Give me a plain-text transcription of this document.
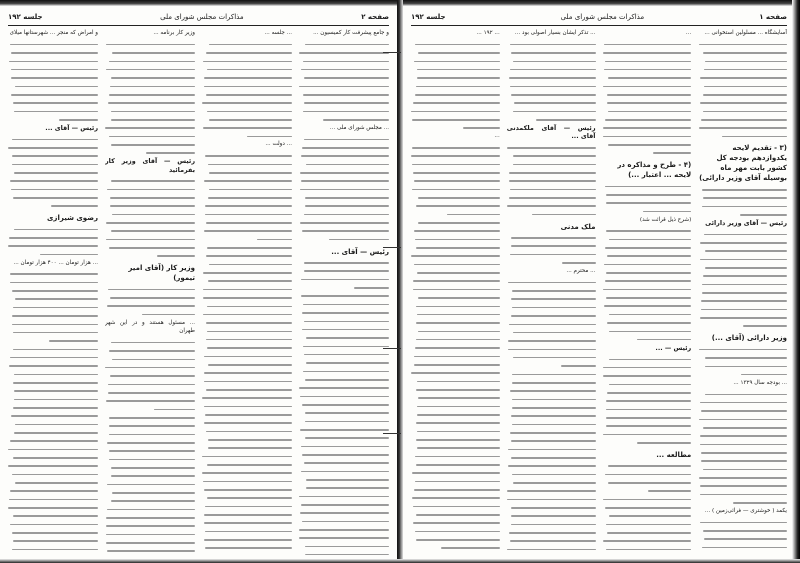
جلسه ۱۹۲	مذاکرات مجلس شورای ملی	صفحه ۲

و جامع پیشرفت کار کمیسیون ...

... مجلس شورای ملی ...

رئیس — آقای ...

... جلسه ...

... دولت ...

وزیر کار برنامه ...

رئیس — آقای وزیر کار بفرمائید

وزیر کار (آقای امیر تیمور)

... مسئول هستند و در این شهر طهران

و امراض که منجر ... شهرستانها میلای

رئیس — آقای ...

رضوی شیرازی

... هزار تومان ... ۴۰۰ هزار تومان ...

صفحه ۱
مذاکرات مجلس شورای ملی
جلسه ۱۹۲

آسایشگاه ... مسلولین استخوانی ...

(۳ - تقدیم لایحه یکدوازدهم بودجه کل کشور بابت مهر ماه بوسیله آقای وزیر دارائی)

رئیس — آقای وزیر دارائی

وزیر دارائی (آقای ...)

... بودجه سال ۱۳۲۹ ...

یکمد ( خوشتری — فرائی‌زمین ) ...

...

(۴ - طرح و مذاکره در لایحه ... اعتبار ...)

(شرح ذیل قرائت شد)

رئیس — ...

مطالعه ...

... تذکر ایشان بسیار اصولی بود ...

رئیس — آقای ملکمدنی آقای ...

ملک مدنی

... محترم ...

... ۱۹۲ ...

...
